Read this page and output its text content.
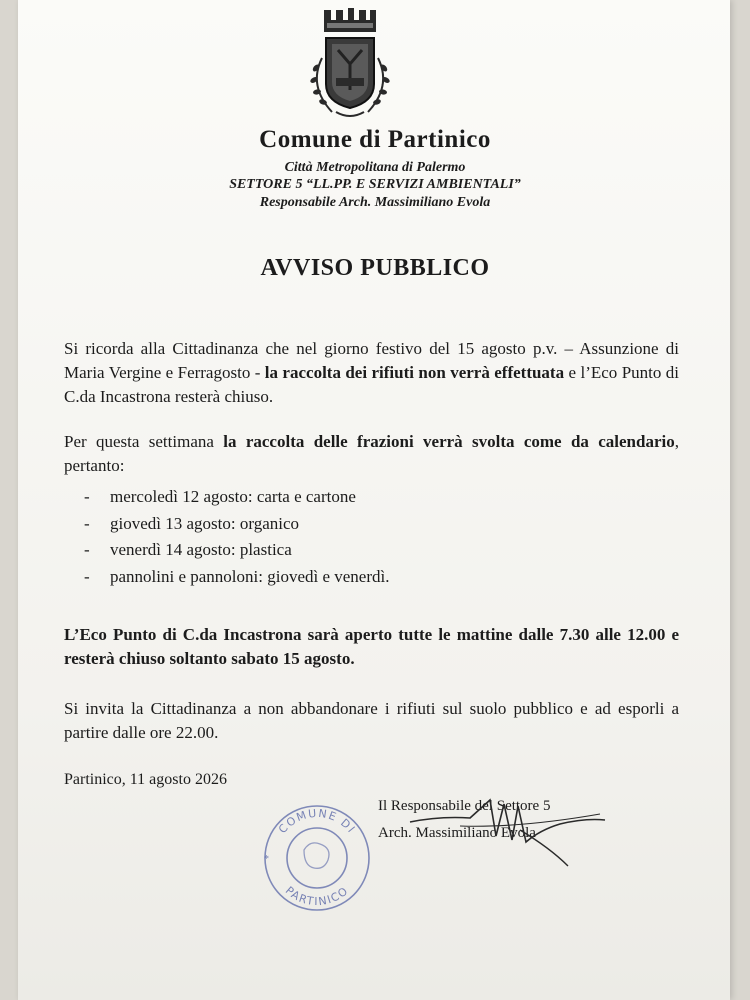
Comune di Partinico
Città Metropolitana di Palermo
SETTORE 5 “LL.PP. E SERVIZI AMBIENTALI”
Responsabile Arch. Massimiliano Evola
AVVISO PUBBLICO
Si ricorda alla Cittadinanza che nel giorno festivo del 15 agosto p.v. – Assunzione di Maria Vergine e Ferragosto - la raccolta dei rifiuti non verrà effettuata e l’Eco Punto di C.da Incastrona resterà chiuso.
Per questa settimana la raccolta delle frazioni verrà svolta come da calendario, pertanto:
-	mercoledì 12 agosto: carta e cartone
-	giovedì 13 agosto: organico
-	venerdì 14 agosto: plastica
-	pannolini e pannoloni: giovedì e venerdì.
L’Eco Punto di C.da Incastrona sarà aperto tutte le mattine dalle 7.30 alle 12.00 e resterà chiuso soltanto sabato 15 agosto.
Si invita la Cittadinanza a non abbandonare i rifiuti sul suolo pubblico e ad esporli a partire dalle ore 22.00.
Partinico, 11 agosto 2026
COMUNE DI
PARTINICO
*
Il Responsabile del Settore 5
Arch. Massimiliano Evola
